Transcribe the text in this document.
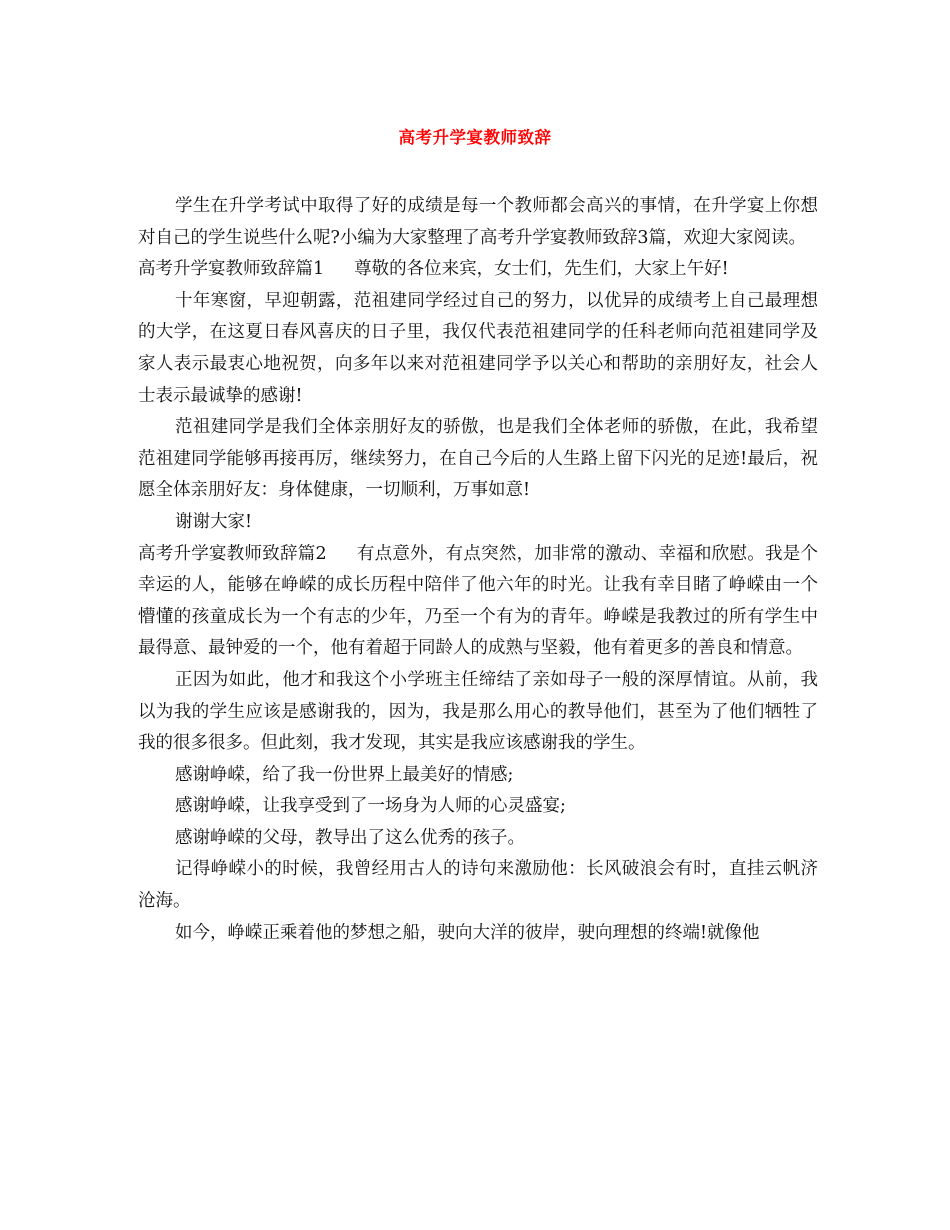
高考升学宴教师致辞

学生在升学考试中取得了好的成绩是每一个教师都会高兴的事情，在升学宴上你想对自己的学生说些什么呢?小编为大家整理了高考升学宴教师致辞3篇，欢迎大家阅读。

高考升学宴教师致辞篇1 尊敬的各位来宾，女士们，先生们，大家上午好!

十年寒窗，早迎朝露，范祖建同学经过自己的努力，以优异的成绩考上自己最理想的大学，在这夏日春风喜庆的日子里，我仅代表范祖建同学的任科老师向范祖建同学及家人表示最衷心地祝贺，向多年以来对范祖建同学予以关心和帮助的亲朋好友，社会人士表示最诚挚的感谢!

范祖建同学是我们全体亲朋好友的骄傲，也是我们全体老师的骄傲，在此，我希望范祖建同学能够再接再厉，继续努力，在自己今后的人生路上留下闪光的足迹!最后，祝愿全体亲朋好友：身体健康，一切顺利，万事如意!

谢谢大家!

高考升学宴教师致辞篇2 有点意外，有点突然，加非常的激动、幸福和欣慰。我是个幸运的人，能够在峥嵘的成长历程中陪伴了他六年的时光。让我有幸目睹了峥嵘由一个懵懂的孩童成长为一个有志的少年，乃至一个有为的青年。峥嵘是我教过的所有学生中最得意、最钟爱的一个，他有着超于同龄人的成熟与坚毅，他有着更多的善良和情意。

正因为如此，他才和我这个小学班主任缔结了亲如母子一般的深厚情谊。从前，我以为我的学生应该是感谢我的，因为，我是那么用心的教导他们，甚至为了他们牺牲了我的很多很多。但此刻，我才发现，其实是我应该感谢我的学生。

感谢峥嵘，给了我一份世界上最美好的情感;

感谢峥嵘，让我享受到了一场身为人师的心灵盛宴;

感谢峥嵘的父母，教导出了这么优秀的孩子。

记得峥嵘小的时候，我曾经用古人的诗句来激励他：长风破浪会有时，直挂云帆济沧海。

如今，峥嵘正乘着他的梦想之船，驶向大洋的彼岸，驶向理想的终端!就像他
